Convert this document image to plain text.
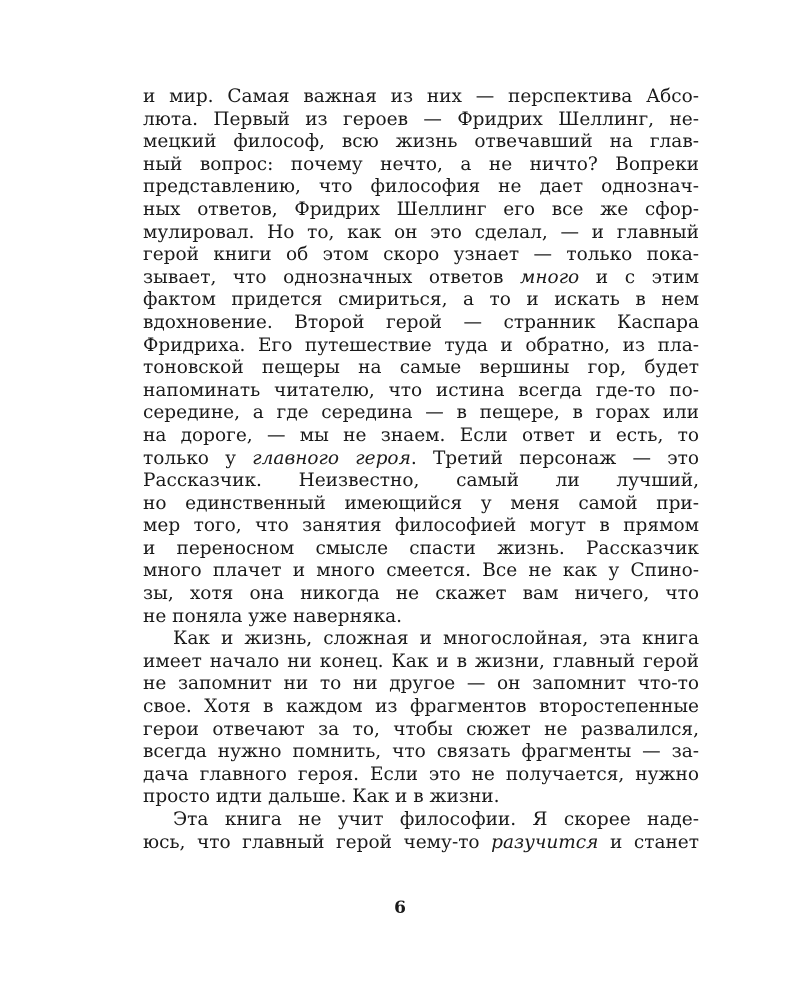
и мир. Самая важная из них — перспектива Абсо-
люта. Первый из героев — Фридрих Шеллинг, не-
мецкий философ, всю жизнь отвечавший на глав-
ный вопрос: почему нечто, а не ничто? Вопреки
представлению, что философия не дает однознач-
ных ответов, Фридрих Шеллинг его все же сфор-
мулировал. Но то, как он это сделал, — и главный
герой книги об этом скоро узнает — только пока-
зывает, что однозначных ответов много и с этим
фактом придется смириться, а то и искать в нем
вдохновение. Второй герой — странник Каспара
Фридриха. Его путешествие туда и обратно, из пла-
тоновской пещеры на самые вершины гор, будет
напоминать читателю, что истина всегда где-то по-
середине, а где середина — в пещере, в горах или
на дороге, — мы не знаем. Если ответ и есть, то
только у главного героя. Третий персонаж — это
Рассказчик. Неизвестно, самый ли лучший,
но единственный имеющийся у меня самой при-
мер того, что занятия философией могут в прямом
и переносном смысле спасти жизнь. Рассказчик
много плачет и много смеется. Все не как у Спино-
зы, хотя она никогда не скажет вам ничего, что
не поняла уже наверняка.
Как и жизнь, сложная и многослойная, эта книга
имеет начало ни конец. Как и в жизни, главный герой
не запомнит ни то ни другое — он запомнит что-то
свое. Хотя в каждом из фрагментов второстепенные
герои отвечают за то, чтобы сюжет не развалился,
всегда нужно помнить, что связать фрагменты — за-
дача главного героя. Если это не получается, нужно
просто идти дальше. Как и в жизни.
Эта книга не учит философии. Я скорее наде-
юсь, что главный герой чему-то разучится и станет
6
